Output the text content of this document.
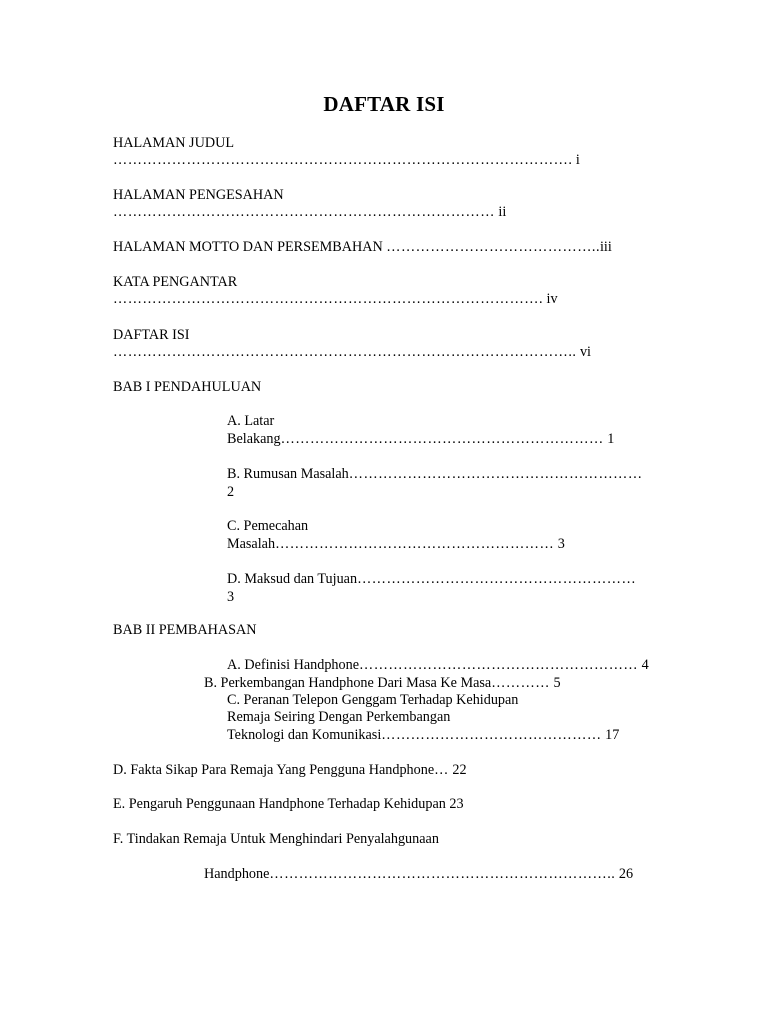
DAFTAR ISI
HALAMAN JUDUL
…………………………………………………………………………………. i
HALAMAN PENGESAHAN
…………………………………………………………………… ii
HALAMAN MOTTO DAN PERSEMBAHAN ……………………………………..iii
KATA PENGANTAR
……………………………………………………………………………. iv
DAFTAR ISI
………………………………………………………………………………….. vi
BAB I PENDAHULUAN
A. Latar
Belakang………………………………………………………… 1
B. Rumusan Masalah……………………………………………………
2
C. Pemecahan
Masalah………………………………………………… 3
D. Maksud dan Tujuan…………………………………………………
3
BAB II PEMBAHASAN
A. Definisi Handphone………………………………………………… 4
B. Perkembangan Handphone Dari Masa Ke Masa………… 5
C. Peranan Telepon Genggam Terhadap Kehidupan
Remaja Seiring Dengan Perkembangan
Teknologi dan Komunikasi……………………………………… 17
D. Fakta Sikap Para Remaja Yang Pengguna Handphone… 22
E. Pengaruh Penggunaan Handphone Terhadap Kehidupan 23
F. Tindakan Remaja Untuk Menghindari Penyalahgunaan
Handphone…………………………………………………………….. 26
